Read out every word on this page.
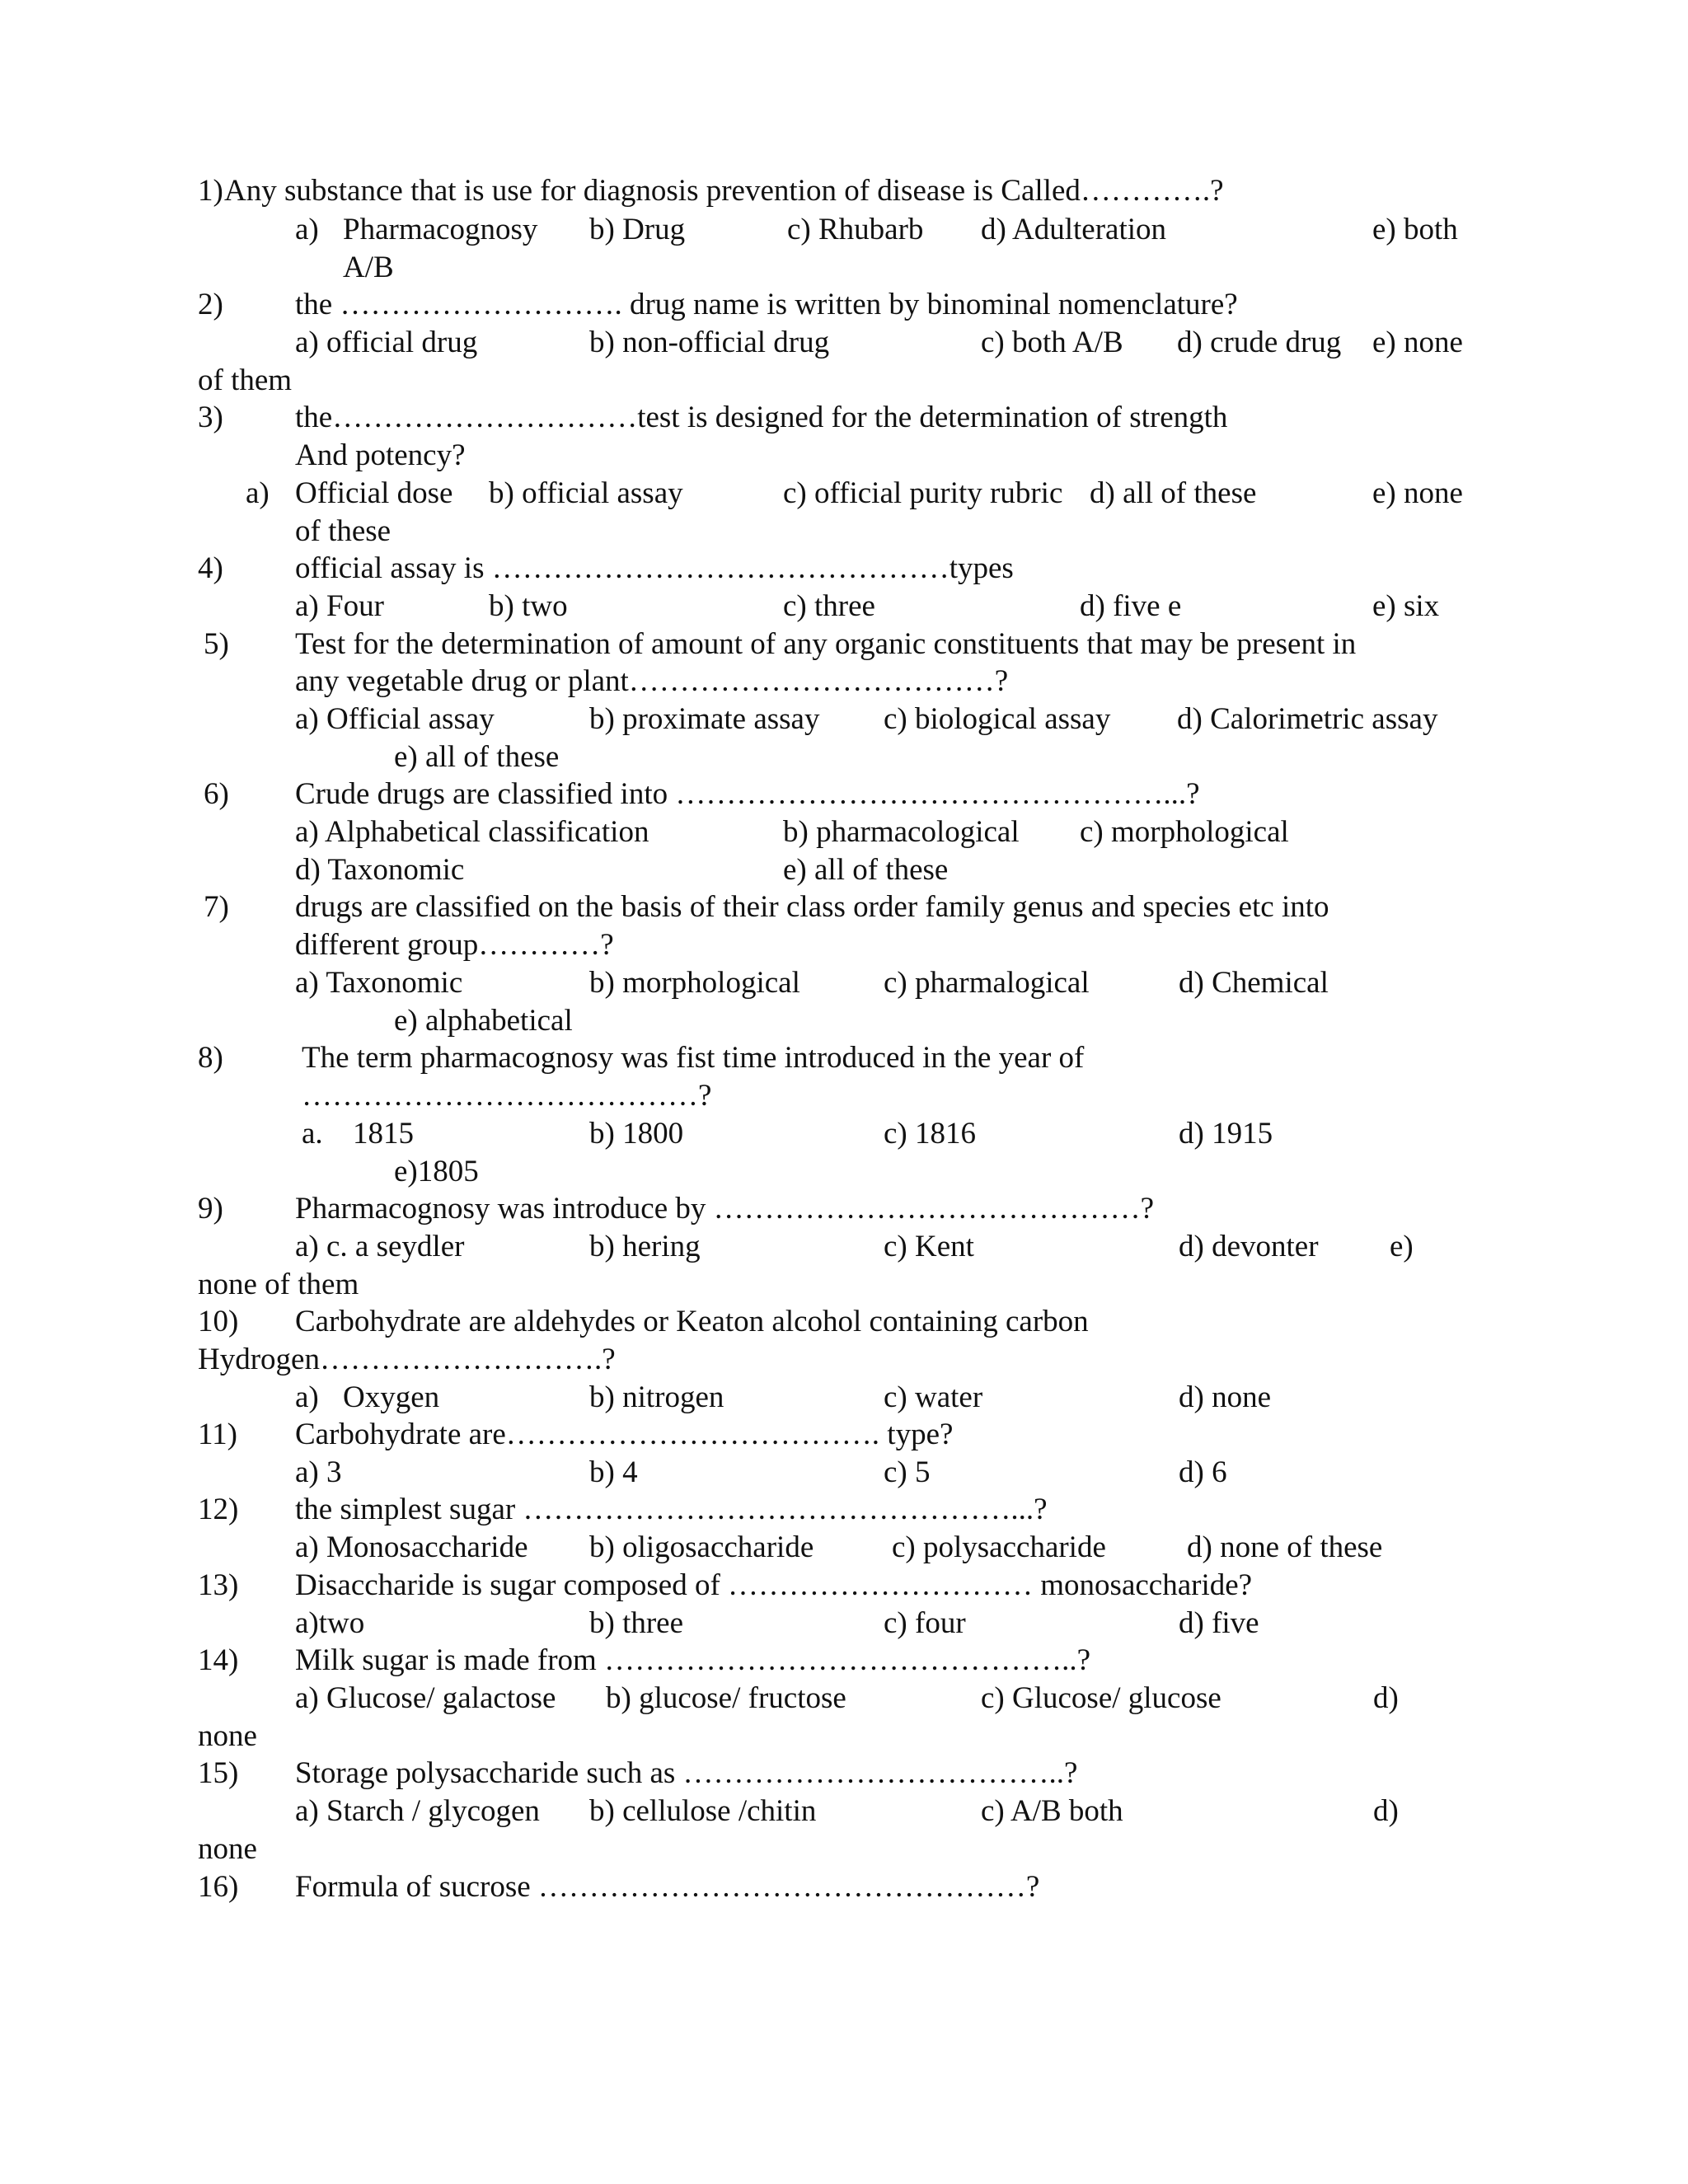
1) Any substance that is use for diagnosis prevention of disease is Called………….?
a) Pharmacognosy b) Drug	c) Rhubarb d) Adulteration	e) both
A/B
2) the ………………………. drug name is written by binominal nomenclature?
a) official drug	b) non-official drug	c) both A/B d) crude drug e) none
of them
3) the…………………………test is designed for the determination of strength
And potency?
a) Official dose b) official assay	c) official purity rubric d) all of these	e) none
of these
4) official assay is ………………………………………types
a) Four	b) two	c) three	d) five e	e) six
5) Test for the determination of amount of any organic constituents that may be present in
any vegetable drug or plant………………………………?
a) Official assay	b) proximate assay c) biological assay d) Calorimetric assay
e) all of these
6) Crude drugs are classified into …………………………………………...?
a) Alphabetical classification	b) pharmacological c) morphological
d) Taxonomic	e) all of these
7) drugs are classified on the basis of their class order family genus and species etc into
different group…………?
a) Taxonomic	b) morphological	c) pharmalogical	d) Chemical
e) alphabetical
8)	The term pharmacognosy was fist time introduced in the year of
…………………………………?
a. 1815	b) 1800	c) 1816	d) 1915
e)1805
9) Pharmacognosy was introduce by ……………………………………?
a) c. a seydler	b) hering	c) Kent	d) devonter e)
none of them
10) Carbohydrate are aldehydes or Keaton alcohol containing carbon
Hydrogen……………………….?
a) Oxygen	b) nitrogen	c) water	d) none
11) Carbohydrate are………………………………. type?
a) 3	b) 4	c) 5	d) 6
12) the simplest sugar …………………………………………...?
a) Monosaccharide b) oligosaccharide	c) polysaccharide	d) none of these
13) Disaccharide is sugar composed of ………………………… monosaccharide?
a)two	b) three	c) four	d) five
14) Milk sugar is made from ………………………………………..?
a) Glucose/ galactose b) glucose/ fructose	c) Glucose/ glucose	d)
none
15) Storage polysaccharide such as ………………………………..?
a) Starch / glycogen b) cellulose /chitin	c) A/B both	d)
none
16) Formula of sucrose …………………………………………?
